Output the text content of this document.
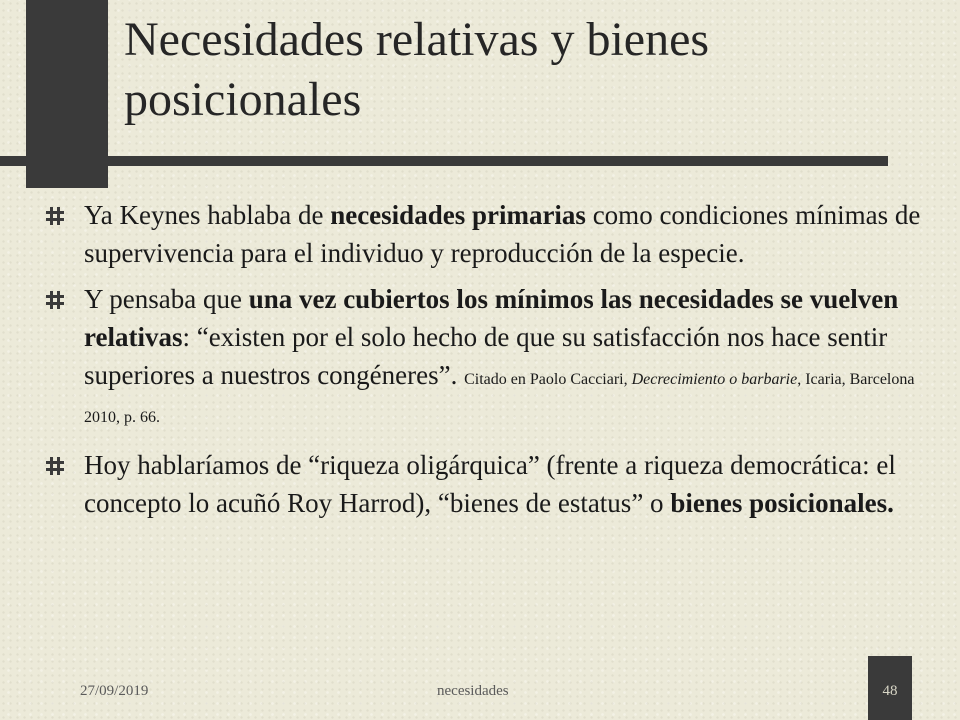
Necesidades relativas y bienes posicionales
Ya Keynes hablaba de necesidades primarias como condiciones mínimas de supervivencia para el individuo y reproducción de la especie.
Y pensaba que una vez cubiertos los mínimos las necesidades se vuelven relativas: “existen por el solo hecho de que su satisfacción nos hace sentir superiores a nuestros congéneres”. Citado en Paolo Cacciari, Decrecimiento o barbarie, Icaria, Barcelona 2010, p. 66.
Hoy hablaríamos de “riqueza oligárquica” (frente a riqueza democrática: el concepto lo acuñó Roy Harrod), “bienes de estatus” o bienes posicionales.
27/09/2019	necesidades	48
